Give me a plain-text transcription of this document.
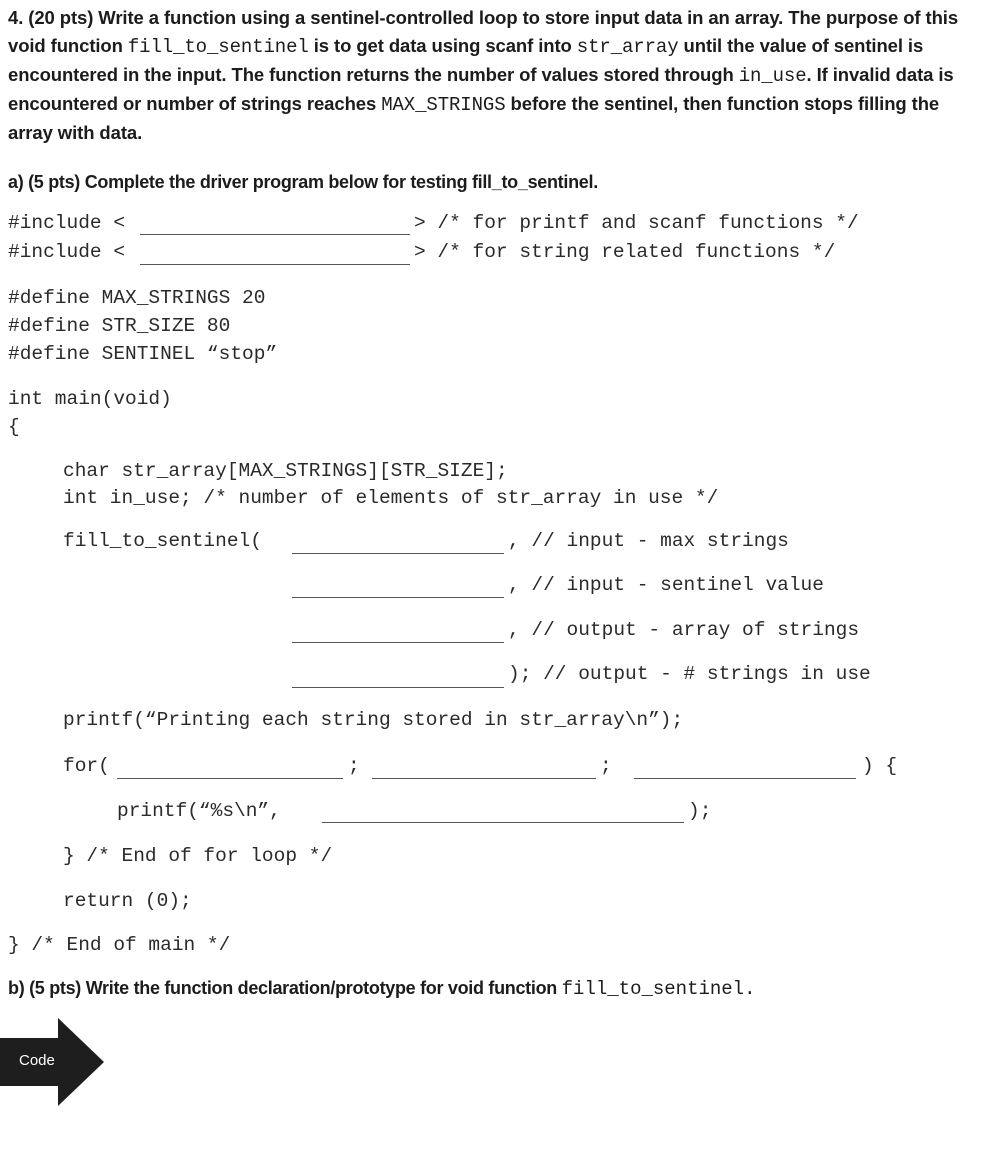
4. (20 pts) Write a function using a sentinel-controlled loop to store input data in an array. The purpose of this void function fill_to_sentinel is to get data using scanf into str_array until the value of sentinel is encountered in the input. The function returns the number of values stored through in_use. If invalid data is encountered or number of strings reaches MAX_STRINGS before the sentinel, then function stops filling the array with data.
a) (5 pts) Complete the driver program below for testing fill_to_sentinel.
#include <	> /* for printf and scanf functions */
#include <	> /* for string related functions */
#define MAX_STRINGS 20
#define STR_SIZE 80
#define SENTINEL “stop”
int main(void)
{
char str_array[MAX_STRINGS][STR_SIZE];
int in_use; /* number of elements of str_array in use */
fill_to_sentinel(	, // input - max strings
, // input - sentinel value
, // output - array of strings
); // output - # strings in use
printf(“Printing each string stored in str_array\n”);
for(	;	;	) {
printf(“%s\n”,	);
} /* End of for loop */
return (0);
} /* End of main */
b) (5 pts) Write the function declaration/prototype for void function fill_to_sentinel.
Code
